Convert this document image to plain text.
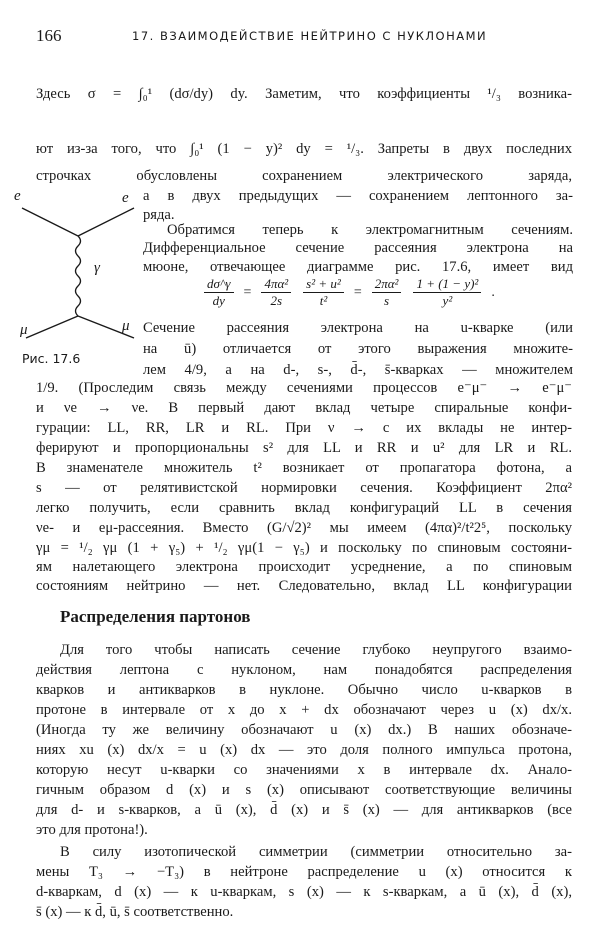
166	17. ВЗАИМОДЕЙСТВИЕ НЕЙТРИНО С НУКЛОНАМИ
Здесь σ = ∫₀¹ (dσ/dy) dy. Заметим, что коэффициенты ¹/₃ возника-
ют из-за того, что ∫₀¹ (1 − y)² dy = ¹/₃. Запреты в двух последних
строчках обусловлены сохранением электрического заряда,
e	e
γ
μ	μ
Рис. 17.6
а в двух предыдущих — сохранением лептонного за-
ряда.
Обратимся теперь к электромагнитным сечениям.
Дифференциальное сечение рассеяния электрона на
мюоне, отвечающее диаграмме рис. 17.6, имеет вид
$\frac{d\sigma\^{}\gamma}{dy} = \frac{\text{4πα²}}{2s}$
$\frac{\text{s² + u²}}{\text{t²}} = \frac{\text{2πα²}}{s}$
$\frac{\text{1 + (1 − y)²}}{\text{y²}}$ .
Сечение рассеяния электрона на u-кварке (или
на ū) отличается от этого выражения множите-
лем 4/9, а на d-, s-, d̄-, s̄-кварках — множителем
1/9. (Проследим связь между сечениями процессов e⁻μ⁻ → e⁻μ⁻
и νe → νe. В первый дают вклад четыре спиральные конфи-
гурации: LL, RR, LR и RL. При ν → c их вклады не интер-
ферируют и пропорциональны s² для LL и RR и u² для LR и RL.
В знаменателе множитель t² возникает от пропагатора фотона, а
s — от релятивистской нормировки сечения. Коэффициент 2πα²
легко получить, если сравнить вклад конфигураций LL в сечения
νe- и eμ-рассеяния. Вместо (G/√2)² мы имеем (4πα)²/t²2⁵, поскольку
γμ = ¹/₂ γμ (1 + γ₅) + ¹/₂ γμ(1 − γ₅) и поскольку по спиновым состояни-
ям налетающего электрона происходит усреднение, а по спиновым
состояниям нейтрино — нет. Следовательно, вклад LL конфигурации
Распределения партонов
Для того чтобы написать сечение глубоко неупругого взаимо-
действия лептона с нуклоном, нам понадобятся распределения
кварков и антикварков в нуклоне. Обычно число u-кварков в
протоне в интервале от x до x + dx обозначают через u (x) dx/x.
(Иногда ту же величину обозначают u (x) dx.) В наших обозначе-
ниях xu (x) dx/x = u (x) dx — это доля полного импульса протона,
которую несут u-кварки со значениями x в интервале dx. Анало-
гичным образом d (x) и s (x) описывают соответствующие величины
для d- и s-кварков, а ū (x), d̄ (x) и s̄ (x) — для антикварков (все
это для протона!).
В силу изотопической симметрии (симметрии относительно за-
мены T₃ → −T₃) в нейтроне распределение u (x) относится к
d-кваркам, d (x) — к u-кваркам, s (x) — к s-кваркам, а ū (x), d̄ (x),
s̄ (x) — к d̄, ū, s̄ соответственно.
